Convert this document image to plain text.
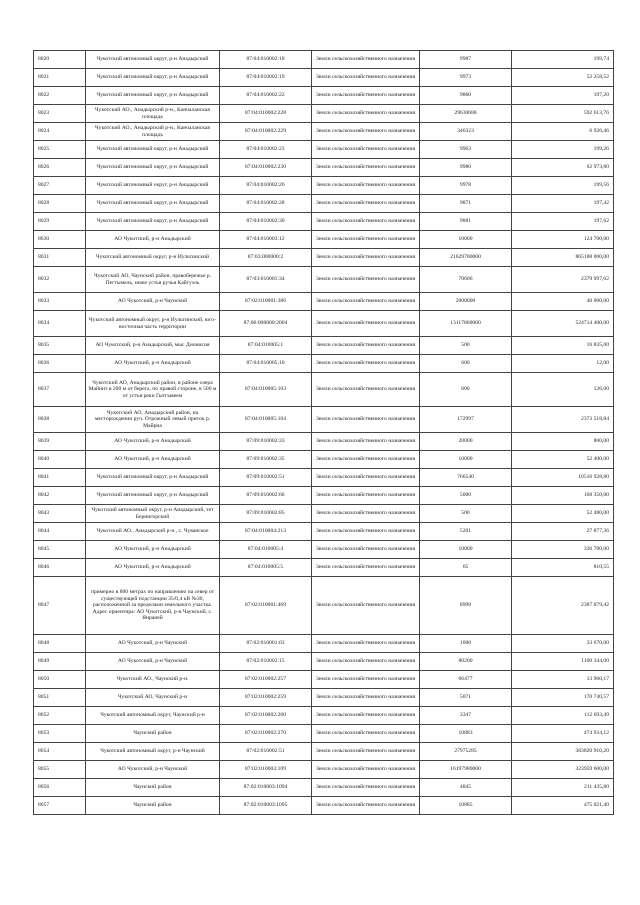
8020	Чукотский автономный округ, р-н Анадырский	87:04:010002:18	Земли сельскохозяйственного назначения	9987	199,74
8021	Чукотский автономный округ, р-н Анадырский	87:04:010002:19	Земли сельскохозяйственного назначения	9973	52 258,52
8022	Чукотский автономный округ, р-н Анадырский	87:04:010002:22	Земли сельскохозяйственного назначения	9860	197,20
8023	Чукотский АО., Анадырский р-н., Канчаланская площадь	87:04:010002:228	Земли сельскохозяйственного назначения	29630688	592 613,76
8024	Чукотский АО., Анадырский р-н., Канчаланская площадь	87:04:010002:229	Земли сельскохозяйственного назначения	346323	6 926,46
8025	Чукотский автономный округ, р-н Анадырский	87:04:010002:23	Земли сельскохозяйственного назначения	9963	199,26
8026	Чукотский автономный округ, р-н Анадырский	87:04:010002:230	Земли сельскохозяйственного назначения	9980	62 973,80
8027	Чукотский автономный округ, р-н Анадырский	87:04:010002:26	Земли сельскохозяйственного назначения	9978	199,56
8028	Чукотский автономный округ, р-н Анадырский	87:04:010002:28	Земли сельскохозяйственного назначения	9871	197,42
8029	Чукотский автономный округ, р-н Анадырский	87:04:010002:30	Земли сельскохозяйственного назначения	9881	197,62
8030	АО Чукотский, р-н Анадырский	87:04:010003:12	Земли сельскохозяйственного назначения	10000	124 700,00
8031	Чукотский автономный округ, р-н Иультинский	87:03:000000:2	Земли сельскохозяйственного назначения	21629700000	865188 000,00
8032	Чукотский АО, Чаунский район, правобережье р. Пегтымель, ниже устья ручья Кайгуэль	87:03:010001:34	Земли сельскохозяйственного назначения	70606	2379 997,62
8033	АО Чукотский, р-н Чаунский	87:02:010001:386	Земли сельскохозяйственного назначения	2000000	40 000,00
8034	Чукотский автономный округ, р-н Иультинский, юго-восточная часть территории	87:06:000000:2004	Земли сельскохозяйственного назначения	13117860000	524714 400,00
8035	АО Чукотский, р-н Анадырский, мыс Дионисия	87:04:010005:1	Земли сельскохозяйственного назначения	500	16 835,00
8036	АО Чукотский, р-н Анадырский	87:04:010005:10	Земли сельскохозяйственного назначения	600	12,00
8037	Чукотский АО, Анадырский район, в районе озера Майнит в 200 м от берега, по правой стороне, в 500 м от устья реки Гытгывеем	87:04:010005:103	Земли сельскохозяйственного назначения	600	126,00
8038	Чукотский АО, Анадырский район, на месторождении руч. Отрожный левый приток р. Майрна	87:04:010005:104	Земли сельскохозяйственного назначения	172997	2373 518,84
8039	АО Чукотский, р-н Анадырский	87:09:010002:33	Земли сельскохозяйственного назначения	20000	800,00
8040	АО Чукотский, р-н Анадырский	87:09:010002:35	Земли сельскохозяйственного назначения	10000	52 400,00
8041	Чукотский автономный округ, р-н Анадырский	87:09:010002:51	Земли сельскохозяйственного назначения	766540	10516 928,80
8042	Чукотский автономный округ, р-н Анадырский	87:09:010002:66	Земли сельскохозяйственного назначения	5000	168 350,00
8043	Чукотский автономный округ, р-н Анадырский, тет Берингорский	87:09:010002:85	Земли сельскохозяйственного назначения	500	52 480,00
8044	Чукотский АО., Анадырский р-н., с. Чуванское	87:04:010004:213	Земли сельскохозяйственного назначения	5201	27 877,36
8045	АО Чукотский, р-н Анадырский	87:04:010005:4	Земли сельскохозяйственного назначения	10000	336 700,00
8046	АО Чукотский, р-н Анадырский	87:04:010005:5	Земли сельскохозяйственного назначения	65	810,55
8047	примерно в 800 метрах по направлению на север от существующей подстанции 35/0,4 кВ №36, расположенной за пределами земельного участка. Адрес ориентира: АО Чукотский, р-н Чаунский, с. Янраней	87:02:010001:469	Земли сельскохозяйственного назначения	8998	2387 079,42
8048	АО Чукотский, р-н Чаунский	87:02:010001:63	Земли сельскохозяйственного назначения	1000	33 670,00
8049	АО Чукотский, р-н Чаунский	87:02:010002:15	Земли сельскохозяйственного назначения	80200	1100 344,00
8050	Чукотский АО., Чаунский р-н.	87:02:010002:257	Земли сельскохозяйственного назначения	66477	13 960,17
8051	Чукотский АО, Чаунский р-н	87:02:010002:259	Земли сельскохозяйственного назначения	5071	170 740,57
8052	Чукотский автономный округ, Чаунский р-н	87:02:010002:260	Земли сельскохозяйственного назначения	3347	112 693,49
8053	Чаунский район	87:02:010002:270	Земли сельскохозяйственного назначения	10883	474 934,12
8054	Чукотский автономный округ, р-н Чаунский	87:02:010002:51	Земли сельскохозяйственного назначения	27975285	383820 910,20
8055	АО Чукотский, р-н Чаунский	87:02:010003:109	Земли сельскохозяйственного назначения	16197980000	323959 600,00
8056	Чаунский район	87:02:010003:1094	Земли сельскохозяйственного назначения	4845	211 435,80
8057	Чаунский район	87:02:010003:1095	Земли сельскохозяйственного назначения	10885	475 021,40
